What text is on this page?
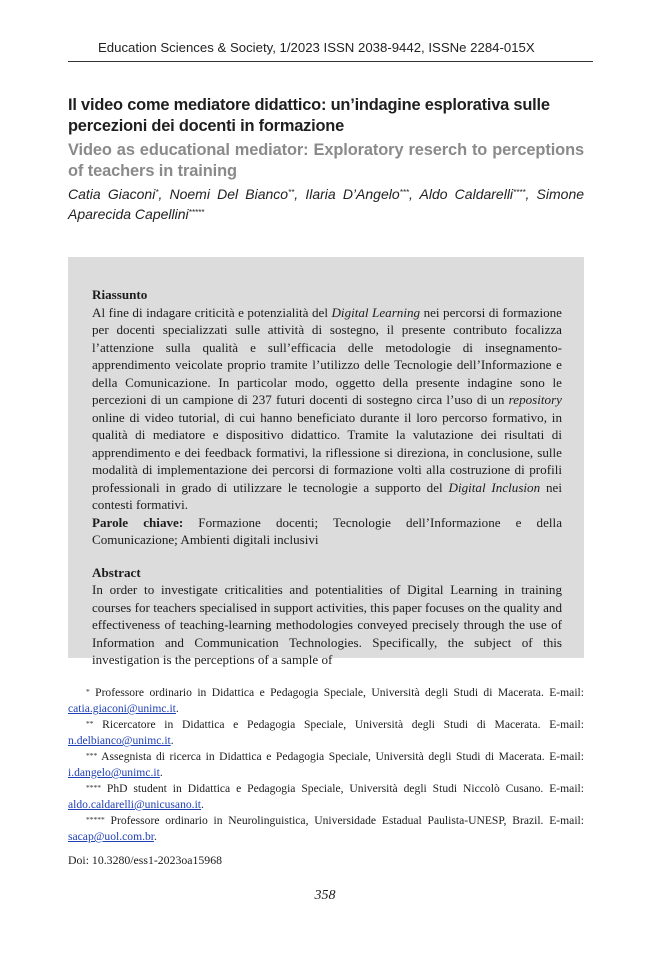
Education Sciences & Society, 1/2023 ISSN 2038-9442, ISSNe 2284-015X
Il video come mediatore didattico: un’indagine esplorativa sulle percezioni dei docenti in formazione
Video as educational mediator: Exploratory reserch to perceptions of teachers in training

Catia Giaconi*, Noemi Del Bianco**, Ilaria D’Angelo***, Aldo Caldarelli****, Simone Aparecida Capellini*****

Riassunto

Al fine di indagare criticità e potenzialità del Digital Learning nei percorsi di formazione per docenti specializzati sulle attività di sostegno, il presente contributo focalizza l’attenzione sulla qualità e sull’efficacia delle metodologie di insegnamento-apprendimento veicolate proprio tramite l’utilizzo delle Tecnologie dell’Informazione e della Comunicazione. In particolar modo, oggetto della presente indagine sono le percezioni di un campione di 237 futuri docenti di sostegno circa l’uso di un repository online di video tutorial, di cui hanno beneficiato durante il loro percorso formativo, in qualità di mediatore e dispositivo didattico. Tramite la valutazione dei risultati di apprendimento e dei feedback formativi, la riflessione si direziona, in conclusione, sulle modalità di implementazione dei percorsi di formazione volti alla costruzione di profili professionali in grado di utilizzare le tecnologie a supporto del Digital Inclusion nei contesti formativi.

Parole chiave: Formazione docenti; Tecnologie dell’Informazione e della Comunicazione; Ambienti digitali inclusivi

Abstract

In order to investigate criticalities and potentialities of Digital Learning in training courses for teachers specialised in support activities, this paper focuses on the quality and effectiveness of teaching-learning methodologies conveyed precisely through the use of Information and Communication Technologies. Specifically, the subject of this investigation is the perceptions of a sample of

* Professore ordinario in Didattica e Pedagogia Speciale, Università degli Studi di Macerata. E-mail: catia.giaconi@unimc.it.

** Ricercatore in Didattica e Pedagogia Speciale, Università degli Studi di Macerata. E-mail: n.delbianco@unimc.it.

*** Assegnista di ricerca in Didattica e Pedagogia Speciale, Università degli Studi di Macerata. E-mail: i.dangelo@unimc.it.

**** PhD student in Didattica e Pedagogia Speciale, Università degli Studi Niccolò Cusano. E-mail: aldo.caldarelli@unicusano.it.

***** Professore ordinario in Neurolinguistica, Universidade Estadual Paulista-UNESP, Brazil. E-mail: sacap@uol.com.br.

Doi: 10.3280/ess1-2023oa15968
358
